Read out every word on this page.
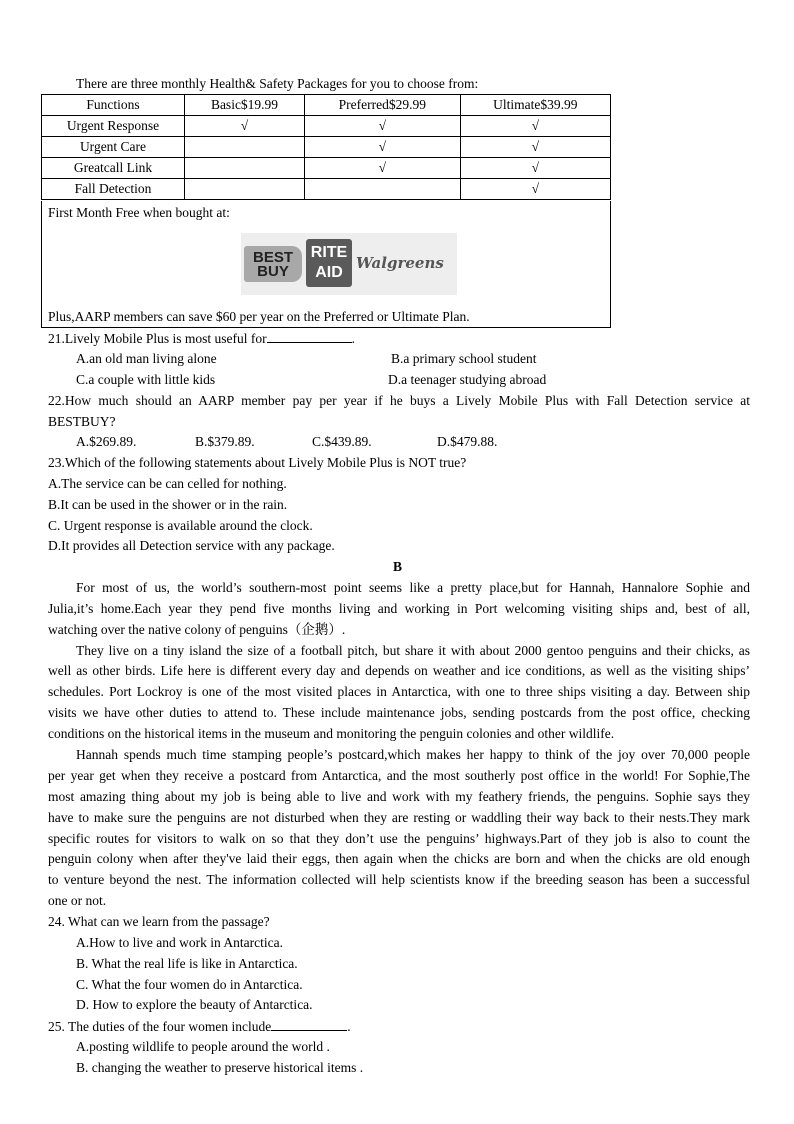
There are three monthly Health& Safety Packages for you to choose from:
Functions	Basic$19.99	Preferred$29.99	Ultimate$39.99
Urgent Response	√	√	√
Urgent Care		√	√
Greatcall Link		√	√
Fall Detection			√
First Month Free when bought at:
BEST
BUY
RITE
AID
Walgreens
Plus,AARP members can save $60 per year on the Preferred or Ultimate Plan.
21.Lively Mobile Plus is most useful for	.
A.an old man living alone	B.a primary school student
C.a couple with little kids	D.a teenager studying abroad
22.How much should an AARP member pay per year if he buys a Lively Mobile Plus with Fall Detection service at
BESTBUY?
A.$269.89.	B.$379.89.	C.$439.89.	D.$479.88.
23.Which of the following statements about Lively Mobile Plus is NOT true?
A.The service can be can celled for nothing.
B.It can be used in the shower or in the rain.
C. Urgent response is available around the clock.
D.It provides all Detection service with any package.
B
For most of us, the world’s southern-most point seems like a pretty place,but for Hannah, Hannalore Sophie and
Julia,it’s home.Each year they pend five months living and working in Port welcoming visiting ships and, best of all,
watching over the native colony of penguins（企鹅）.
They live on a tiny island the size of a football pitch, but share it with about 2000 gentoo penguins and their chicks, as
well as other birds. Life here is different every day and depends on weather and ice conditions, as well as the visiting ships’
schedules. Port Lockroy is one of the most visited places in Antarctica, with one to three ships visiting a day. Between ship
visits we have other duties to attend to. These include maintenance jobs, sending postcards from the post office, checking
conditions on the historical items in the museum and monitoring the penguin colonies and other wildlife.
Hannah spends much time stamping people’s postcard,which makes her happy to think of the joy over 70,000 people
per year get when they receive a postcard from Antarctica, and the most southerly post office in the world! For Sophie,The
most amazing thing about my job is being able to live and work with my feathery friends, the penguins. Sophie says they
have to make sure the penguins are not disturbed when they are resting or waddling their way back to their nests.They mark
specific routes for visitors to walk on so that they don’t use the penguins’ highways.Part of they job is also to count the
penguin colony when after they've laid their eggs, then again when the chicks are born and when the chicks are old enough
to venture beyond the nest. The information collected will help scientists know if the breeding season has been a successful
one or not.
24. What can we learn from the passage?
A.How to live and work in Antarctica.
B. What the real life is like in Antarctica.
C. What the four women do in Antarctica.
D. How to explore the beauty of Antarctica.
25. The duties of the four women include	.
A.posting wildlife to people around the world .
B. changing the weather to preserve historical items .
